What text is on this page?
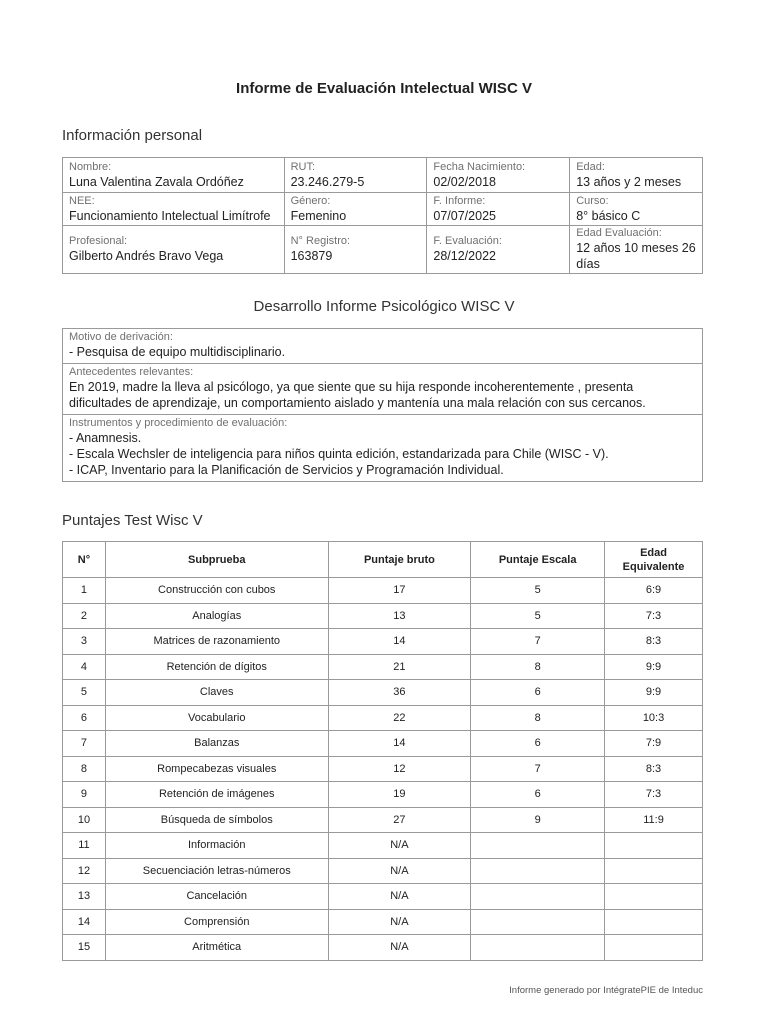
Informe de Evaluación Intelectual WISC V
Información personal
Nombre:
Luna Valentina Zavala Ordóñez	RUT:
23.246.279-5	Fecha Nacimiento:
02/02/2018	Edad:
13 años y 2 meses

NEE:
Funcionamiento Intelectual Limítrofe	Género:
Femenino	F. Informe:
07/07/2025	Curso:
8° básico C

Profesional:
Gilberto Andrés Bravo Vega	N° Registro:
163879	F. Evaluación:
28/12/2022	Edad Evaluación:
12 años 10 meses 26 días
Desarrollo Informe Psicológico WISC V
Motivo de derivación:
- Pesquisa de equipo multidisciplinario.

Antecedentes relevantes:
En 2019, madre la lleva al psicólogo, ya que siente que su hija responde incoherentemente , presenta
dificultades de aprendizaje, un comportamiento aislado y mantenía una mala relación con sus cercanos.

Instrumentos y procedimiento de evaluación:
- Anamnesis.
- Escala Wechsler de inteligencia para niños quinta edición, estandarizada para Chile (WISC - V).
- ICAP, Inventario para la Planificación de Servicios y Programación Individual.
Puntajes Test Wisc V
N°	Subprueba	Puntaje bruto	Puntaje Escala	Edad Equivalente
1	Construcción con cubos	17	5	6:9
2	Analogías	13	5	7:3
3	Matrices de razonamiento	14	7	8:3
4	Retención de dígitos	21	8	9:9
5	Claves	36	6	9:9
6	Vocabulario	22	8	10:3
7	Balanzas	14	6	7:9
8	Rompecabezas visuales	12	7	8:3
9	Retención de imágenes	19	6	7:3
10	Búsqueda de símbolos	27	9	11:9
11	Información	N/A		
12	Secuenciación letras-números	N/A		
13	Cancelación	N/A		
14	Comprensión	N/A		
15	Aritmética	N/A		
Informe generado por IntégratePIE de Inteduc
